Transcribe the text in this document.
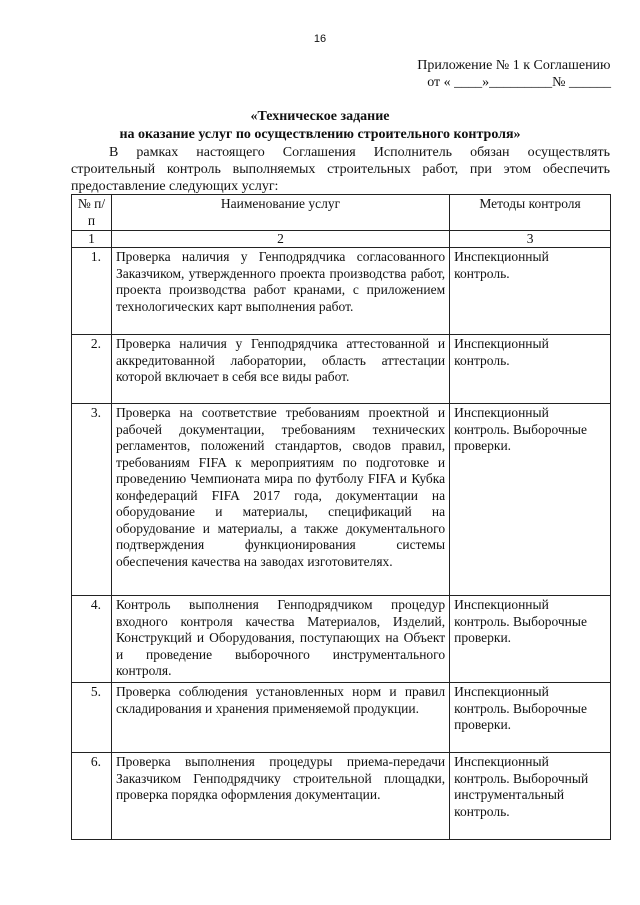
16
Приложение № 1 к Соглашению
от « ____»_________№ ______
«Техническое задание
на оказание услуг по осуществлению строительного контроля»
В рамках настоящего Соглашения Исполнитель обязан осуществлять строительный контроль выполняемых строительных работ, при этом обеспечить предоставление следующих услуг:
№ п/п	Наименование услуг	Методы контроля
1	2	3
1.	Проверка наличия у Генподрядчика согласованного Заказчиком, утвержденного проекта производства работ, проекта производства работ кранами, с приложением технологических карт выполнения работ.	Инспекционный контроль.
2.	Проверка наличия у Генподрядчика аттестованной и аккредитованной лаборатории, область аттестации которой включает в себя все виды работ.	Инспекционный контроль.
3.	Проверка на соответствие требованиям проектной и рабочей документации, требованиям технических регламентов, положений стандартов, сводов правил, требованиям FIFA к мероприятиям по подготовке и проведению Чемпионата мира по футболу FIFA и Кубка конфедераций FIFA 2017 года, документации на оборудование и материалы, спецификаций на оборудование и материалы, а также документального подтверждения функционирования системы обеспечения качества на заводах изготовителях.	Инспекционный контроль. Выборочные проверки.
4.	Контроль выполнения Генподрядчиком процедур входного контроля качества Материалов, Изделий, Конструкций и Оборудования, поступающих на Объект и проведение выборочного инструментального контроля.	Инспекционный контроль. Выборочные проверки.
5.	Проверка соблюдения установленных норм и правил складирования и хранения применяемой продукции.	Инспекционный контроль. Выборочные проверки.
6.	Проверка выполнения процедуры приема-передачи Заказчиком Генподрядчику строительной площадки, проверка порядка оформления документации.	Инспекционный контроль. Выборочный инструментальный контроль.
